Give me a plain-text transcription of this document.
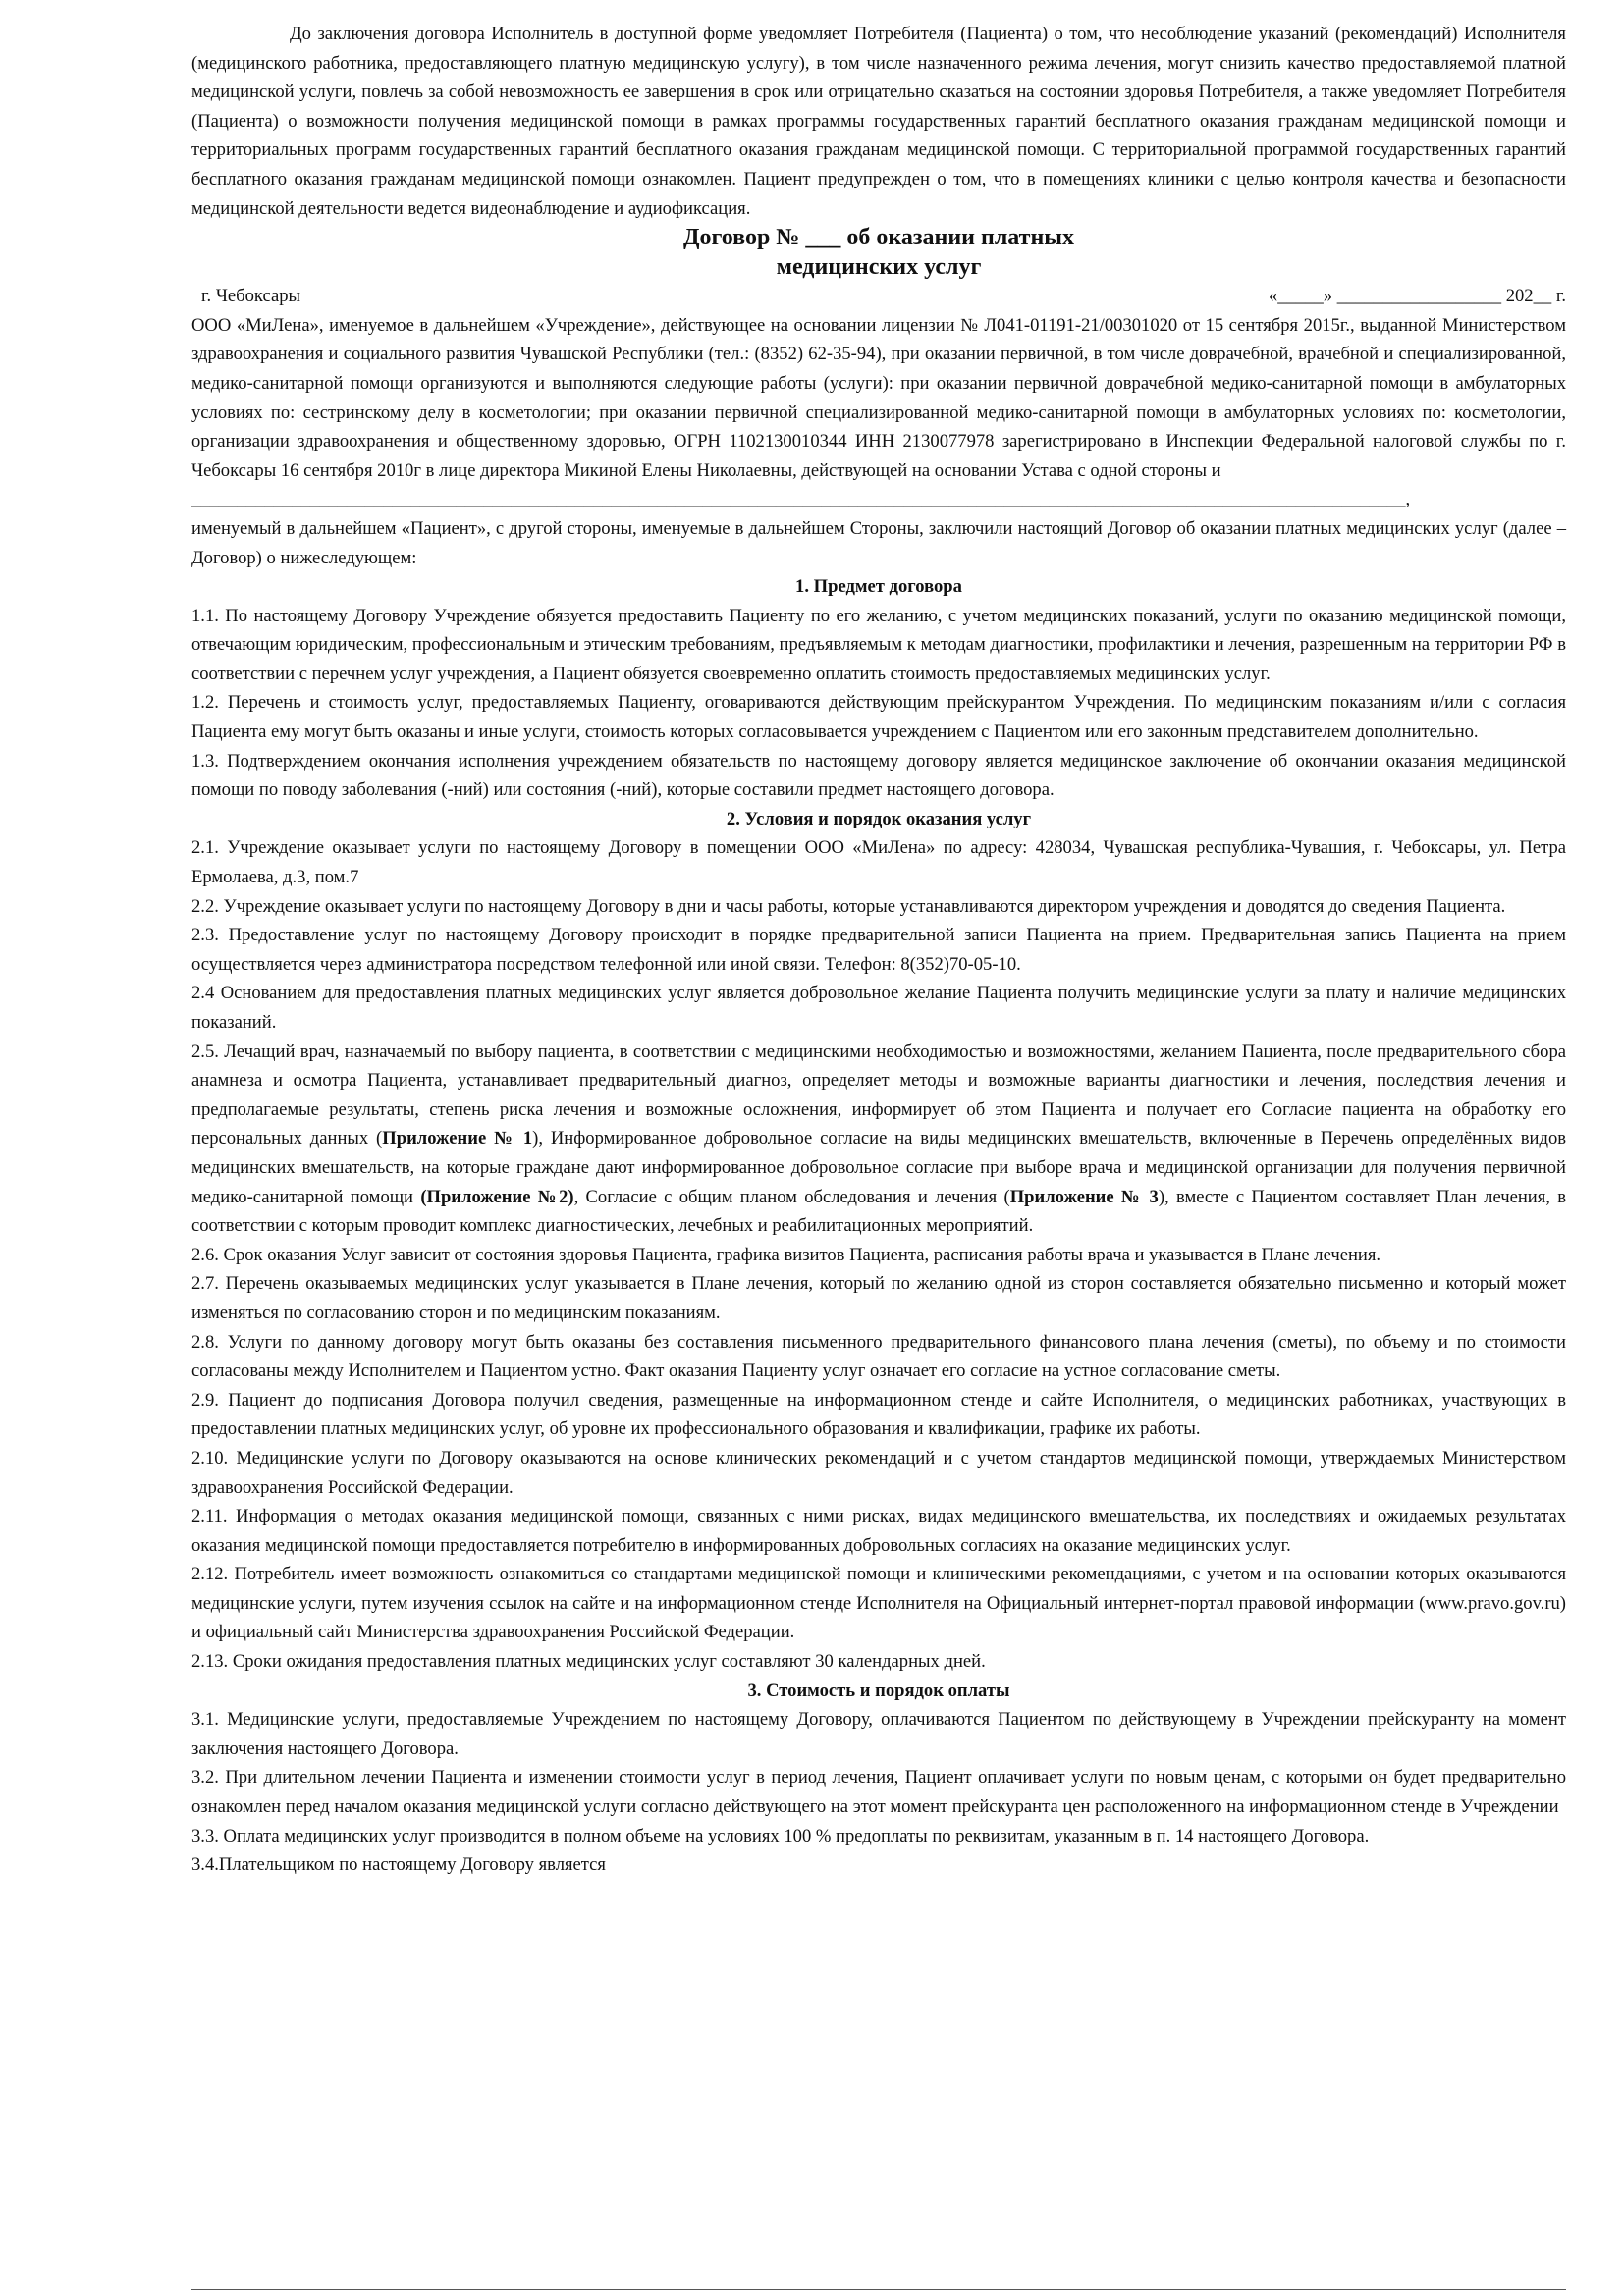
До заключения договора Исполнитель в доступной форме уведомляет Потребителя (Пациента) о том, что несоблюдение указаний (рекомендаций) Исполнителя (медицинского работника, предоставляющего платную медицинскую услугу), в том числе назначенного режима лечения, могут снизить качество предоставляемой платной медицинской услуги, повлечь за собой невозможность ее завершения в срок или отрицательно сказаться на состоянии здоровья Потребителя, а также уведомляет Потребителя (Пациента) о возможности получения медицинской помощи в рамках программы государственных гарантий бесплатного оказания гражданам медицинской помощи и территориальных программ государственных гарантий бесплатного оказания гражданам медицинской помощи. С территориальной программой государственных гарантий бесплатного оказания гражданам медицинской помощи ознакомлен. Пациент предупрежден о том, что в помещениях клиники с целью контроля качества и безопасности медицинской деятельности ведется видеонаблюдение и аудиофиксация.

Договор № ___ об оказании платных

медицинских услуг

г. Чебоксары	«_____» __________________ 202__ г.

ООО «МиЛена», именуемое в дальнейшем «Учреждение», действующее на основании лицензии № Л041-01191-21/00301020 от 15 сентября 2015г., выданной Министерством здравоохранения и социального развития Чувашской Республики (тел.: (8352) 62-35-94), при оказании первичной, в том числе доврачебной, врачебной и специализированной, медико-санитарной помощи организуются и выполняются следующие работы (услуги): при оказании первичной доврачебной медико-санитарной помощи в амбулаторных условиях по: сестринскому делу в косметологии; при оказании первичной специализированной медико-санитарной помощи в амбулаторных условиях по: косметологии, организации здравоохранения и общественному здоровью, ОГРН 1102130010344 ИНН 2130077978 зарегистрировано в Инспекции Федеральной налоговой службы по г. Чебоксары 16 сентября 2010г в лице директора Микиной Елены Николаевны, действующей на основании Устава с одной стороны и

_____________________________________________________________________________________________________________________________________,

именуемый в дальнейшем «Пациент», с другой стороны, именуемые в дальнейшем Стороны, заключили настоящий Договор об оказании платных медицинских услуг (далее – Договор) о нижеследующем:

1. Предмет договора

1.1. По настоящему Договору Учреждение обязуется предоставить Пациенту по его желанию, с учетом медицинских показаний, услуги по оказанию медицинской помощи, отвечающим юридическим, профессиональным и этическим требованиям, предъявляемым к методам диагностики, профилактики и лечения, разрешенным на территории РФ в соответствии с перечнем услуг учреждения, а Пациент обязуется своевременно оплатить стоимость предоставляемых медицинских услуг.

1.2. Перечень и стоимость услуг, предоставляемых Пациенту, оговариваются действующим прейскурантом Учреждения. По медицинским показаниям и/или с согласия Пациента ему могут быть оказаны и иные услуги, стоимость которых согласовывается учреждением с Пациентом или его законным представителем дополнительно.

1.3. Подтверждением окончания исполнения учреждением обязательств по настоящему договору является медицинское заключение об окончании оказания медицинской помощи по поводу заболевания (-ний) или состояния (-ний), которые составили предмет настоящего договора.

2. Условия и порядок оказания услуг

2.1. Учреждение оказывает услуги по настоящему Договору в помещении ООО «МиЛена» по адресу: 428034, Чувашская республика-Чувашия, г. Чебоксары, ул. Петра Ермолаева, д.3, пом.7

2.2. Учреждение оказывает услуги по настоящему Договору в дни и часы работы, которые устанавливаются директором учреждения и доводятся до сведения Пациента.

2.3. Предоставление услуг по настоящему Договору происходит в порядке предварительной записи Пациента на прием. Предварительная запись Пациента на прием осуществляется через администратора посредством телефонной или иной связи. Телефон: 8(352)70-05-10.

2.4 Основанием для предоставления платных медицинских услуг является добровольное желание Пациента получить медицинские услуги за плату и наличие медицинских показаний.

2.5. Лечащий врач, назначаемый по выбору пациента, в соответствии с медицинскими необходимостью и возможностями, желанием Пациента, после предварительного сбора анамнеза и осмотра Пациента, устанавливает предварительный диагноз, определяет методы и возможные варианты диагностики и лечения, последствия лечения и предполагаемые результаты, степень риска лечения и возможные осложнения, информирует об этом Пациента и получает его Согласие пациента на обработку его персональных данных (Приложение № 1), Информированное добровольное согласие на виды медицинских вмешательств, включенные в Перечень определённых видов медицинских вмешательств, на которые граждане дают информированное добровольное согласие при выборе врача и медицинской организации для получения первичной медико-санитарной помощи (Приложение №2), Согласие с общим планом обследования и лечения (Приложение № 3), вместе с Пациентом составляет План лечения, в соответствии с которым проводит комплекс диагностических, лечебных и реабилитационных мероприятий.

2.6. Срок оказания Услуг зависит от состояния здоровья Пациента, графика визитов Пациента, расписания работы врача и указывается в Плане лечения.

2.7. Перечень оказываемых медицинских услуг указывается в Плане лечения, который по желанию одной из сторон составляется обязательно письменно и который может изменяться по согласованию сторон и по медицинским показаниям.

2.8. Услуги по данному договору могут быть оказаны без составления письменного предварительного финансового плана лечения (сметы), по объему и по стоимости согласованы между Исполнителем и Пациентом устно. Факт оказания Пациенту услуг означает его согласие на устное согласование сметы.

2.9. Пациент до подписания Договора получил сведения, размещенные на информационном стенде и сайте Исполнителя, о медицинских работниках, участвующих в предоставлении платных медицинских услуг, об уровне их профессионального образования и квалификации, графике их работы.

2.10. Медицинские услуги по Договору оказываются на основе клинических рекомендаций и с учетом стандартов медицинской помощи, утверждаемых Министерством здравоохранения Российской Федерации.

2.11. Информация о методах оказания медицинской помощи, связанных с ними рисках, видах медицинского вмешательства, их последствиях и ожидаемых результатах оказания медицинской помощи предоставляется потребителю в информированных добровольных согласиях на оказание медицинских услуг.

2.12. Потребитель имеет возможность ознакомиться со стандартами медицинской помощи и клиническими рекомендациями, с учетом и на основании которых оказываются медицинские услуги, путем изучения ссылок на сайте и на информационном стенде Исполнителя на Официальный интернет-портал правовой информации (www.pravo.gov.ru) и официальный сайт Министерства здравоохранения Российской Федерации.

2.13. Сроки ожидания предоставления платных медицинских услуг составляют 30 календарных дней.

3. Стоимость и порядок оплаты

3.1. Медицинские услуги, предоставляемые Учреждением по настоящему Договору, оплачиваются Пациентом по действующему в Учреждении прейскуранту на момент заключения настоящего Договора.

3.2. При длительном лечении Пациента и изменении стоимости услуг в период лечения, Пациент оплачивает услуги по новым ценам, с которыми он будет предварительно ознакомлен перед началом оказания медицинской услуги согласно действующего на этот момент прейскуранта цен расположенного на информационном стенде в Учреждении

3.3. Оплата медицинских услуг производится в полном объеме на условиях 100 % предоплаты по реквизитам, указанным в п. 14 настоящего Договора.

3.4.Плательщиком по настоящему Договору является
